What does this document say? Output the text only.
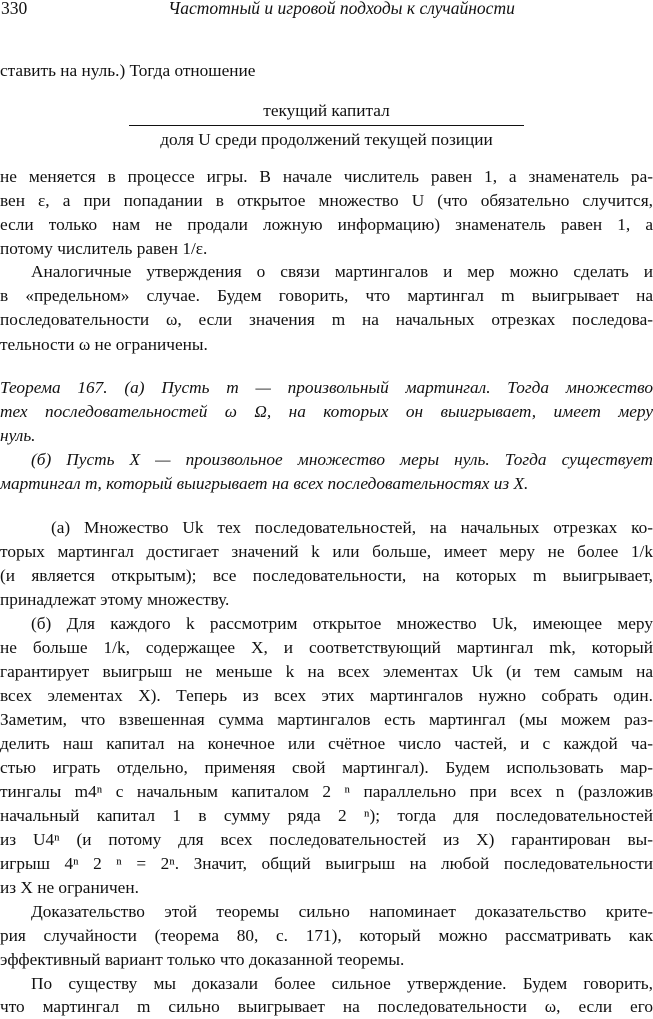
330	Частотный и игровой подходы к случайности
ставить на нуль.) Тогда отношение
текущий капитал
доля U среди продолжений текущей позиции
не меняется в процессе игры. В начале числитель равен 1, а знаменатель ра-
вен ε, а при попадании в открытое множество U (что обязательно случится,
если только нам не продали ложную информацию) знаменатель равен 1, а
потому числитель равен 1/ε.
Аналогичные утверждения о связи мартингалов и мер можно сделать и
в «предельном» случае. Будем говорить, что мартингал m выигрывает на
последовательности ω, если значения m на начальных отрезках последова-
тельности ω не ограничены.
Теорема 167. (а) Пусть m — произвольный мартингал. Тогда множество
тех последовательностей ω Ω, на которых он выигрывает, имеет меру
нуль.
(б) Пусть X — произвольное множество меры нуль. Тогда существует
мартингал m, который выигрывает на всех последовательностях из X.
(а) Множество Uk тех последовательностей, на начальных отрезках ко-
торых мартингал достигает значений k или больше, имеет меру не более 1/k
(и является открытым); все последовательности, на которых m выигрывает,
принадлежат этому множеству.
(б) Для каждого k рассмотрим открытое множество Uk, имеющее меру
не больше 1/k, содержащее X, и соответствующий мартингал mk, который
гарантирует выигрыш не меньше k на всех элементах Uk (и тем самым на
всех элементах X). Теперь из всех этих мартингалов нужно собрать один.
Заметим, что взвешенная сумма мартингалов есть мартингал (мы можем раз-
делить наш капитал на конечное или счётное число частей, и с каждой ча-
стью играть отдельно, применяя свой мартингал). Будем использовать мар-
тингалы m4ⁿ с начальным капиталом 2 ⁿ параллельно при всех n (разложив
начальный капитал 1 в сумму ряда 2 ⁿ); тогда для последовательностей
из U4ⁿ (и потому для всех последовательностей из X) гарантирован вы-
игрыш 4ⁿ 2 ⁿ = 2ⁿ. Значит, общий выигрыш на любой последовательности
из X не ограничен.
Доказательство этой теоремы сильно напоминает доказательство крите-
рия случайности (теорема 80, с. 171), который можно рассматривать как
эффективный вариант только что доказанной теоремы.
По существу мы доказали более сильное утверждение. Будем говорить,
что мартингал m сильно выигрывает на последовательности ω, если его
